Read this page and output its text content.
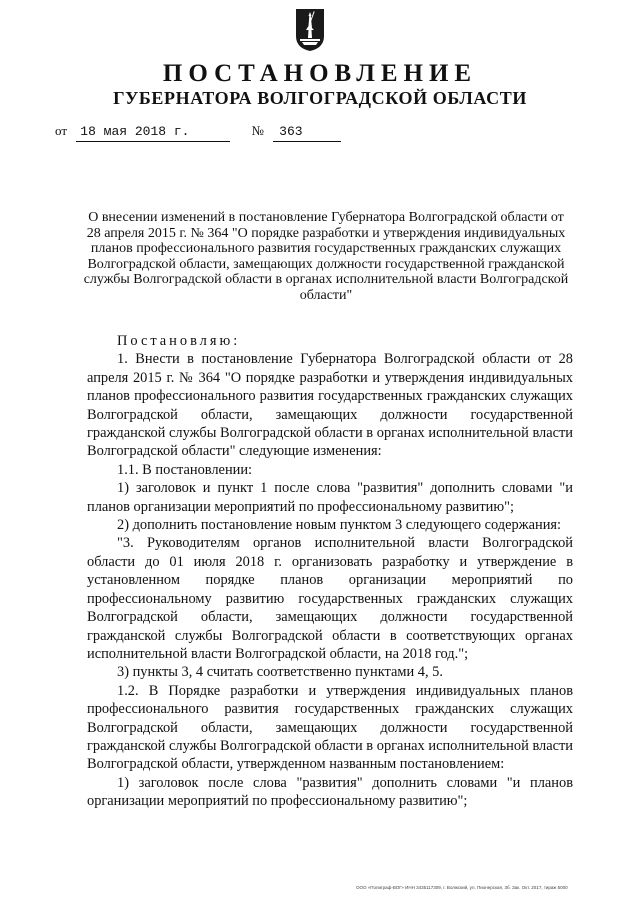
ПОСТАНОВЛЕНИЕ
ГУБЕРНАТОРА ВОЛГОГРАДСКОЙ ОБЛАСТИ
от 18 мая 2018 г.	№ 363
О внесении изменений в постановление Губернатора Волгоградской области от 28 апреля 2015 г. № 364 "О порядке разработки и утверждения индивидуальных планов профессионального развития государственных гражданских служащих Волгоградской области, замещающих должности государственной гражданской службы Волгоградской области в органах исполнительной власти Волгоградской области"

Постановляю:

1. Внести в постановление Губернатора Волгоградской области от 28 апреля 2015 г. № 364 "О порядке разработки и утверждения индивидуальных планов профессионального развития государственных гражданских служащих Волгоградской области, замещающих должности государственной гражданской службы Волгоградской области в органах исполнительной власти Волгоградской области" следующие изменения:

1.1. В постановлении:

1) заголовок и пункт 1 после слова "развития" дополнить словами "и планов организации мероприятий по профессиональному развитию";

2) дополнить постановление новым пунктом 3 следующего содержания:

"3. Руководителям органов исполнительной власти Волгоградской области до 01 июля 2018 г. организовать разработку и утверждение в установленном порядке планов организации мероприятий по профессиональному развитию государственных гражданских служащих Волгоградской области, замещающих должности государственной гражданской службы Волгоградской области в соответствующих органах исполнительной власти Волгоградской области, на 2018 год.";

3) пункты 3, 4 считать соответственно пунктами 4, 5.

1.2. В Порядке разработки и утверждения индивидуальных планов профессионального развития государственных гражданских служащих Волгоградской области, замещающих должности государственной гражданской службы Волгоградской области в органах исполнительной власти Волгоградской области, утвержденном названным постановлением:

1) заголовок после слова "развития" дополнить словами "и планов организации мероприятий по профессиональному развитию";

ООО «Полиграф-ВОГ» ИНН 3435117309, г. Волжский, ул. Пионерская, 3б. Зак. Окт. 2017, тираж 5000
